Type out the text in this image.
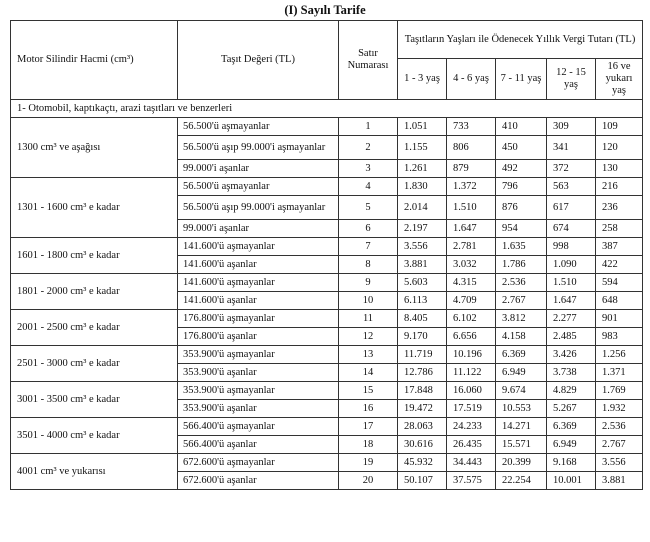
(I) Sayılı Tarife
Motor Silindir Hacmi (cm³)	Taşıt Değeri (TL)	Satır Numarası	Taşıtların Yaşları ile Ödenecek Yıllık Vergi Tutarı (TL)				
			1 - 3 yaş	4 - 6 yaş	7 - 11 yaş	12 - 15 yaş	16 ve yukarı yaş
1- Otomobil, kaptıkaçtı, arazi taşıtları ve benzerleri							
1300 cm³ ve aşağısı	56.500'ü aşmayanlar	1	1.051	733	410	309	109
	56.500'ü aşıp 99.000'i aşmayanlar	2	1.155	806	450	341	120
	99.000'i aşanlar	3	1.261	879	492	372	130
1301 - 1600 cm³ e kadar	56.500'ü aşmayanlar	4	1.830	1.372	796	563	216
	56.500'ü aşıp 99.000'i aşmayanlar	5	2.014	1.510	876	617	236
	99.000'i aşanlar	6	2.197	1.647	954	674	258
1601 - 1800 cm³ e kadar	141.600'ü aşmayanlar	7	3.556	2.781	1.635	998	387
	141.600'ü aşanlar	8	3.881	3.032	1.786	1.090	422
1801 - 2000 cm³ e kadar	141.600'ü aşmayanlar	9	5.603	4.315	2.536	1.510	594
	141.600'ü aşanlar	10	6.113	4.709	2.767	1.647	648
2001 - 2500 cm³ e kadar	176.800'ü aşmayanlar	11	8.405	6.102	3.812	2.277	901
	176.800'ü aşanlar	12	9.170	6.656	4.158	2.485	983
2501 - 3000 cm³ e kadar	353.900'ü aşmayanlar	13	11.719	10.196	6.369	3.426	1.256
	353.900'ü aşanlar	14	12.786	11.122	6.949	3.738	1.371
3001 - 3500 cm³ e kadar	353.900'ü aşmayanlar	15	17.848	16.060	9.674	4.829	1.769
	353.900'ü aşanlar	16	19.472	17.519	10.553	5.267	1.932
3501 - 4000 cm³ e kadar	566.400'ü aşmayanlar	17	28.063	24.233	14.271	6.369	2.536
	566.400'ü aşanlar	18	30.616	26.435	15.571	6.949	2.767
4001 cm³ ve yukarısı	672.600'ü aşmayanlar	19	45.932	34.443	20.399	9.168	3.556
	672.600'ü aşanlar	20	50.107	37.575	22.254	10.001	3.881
